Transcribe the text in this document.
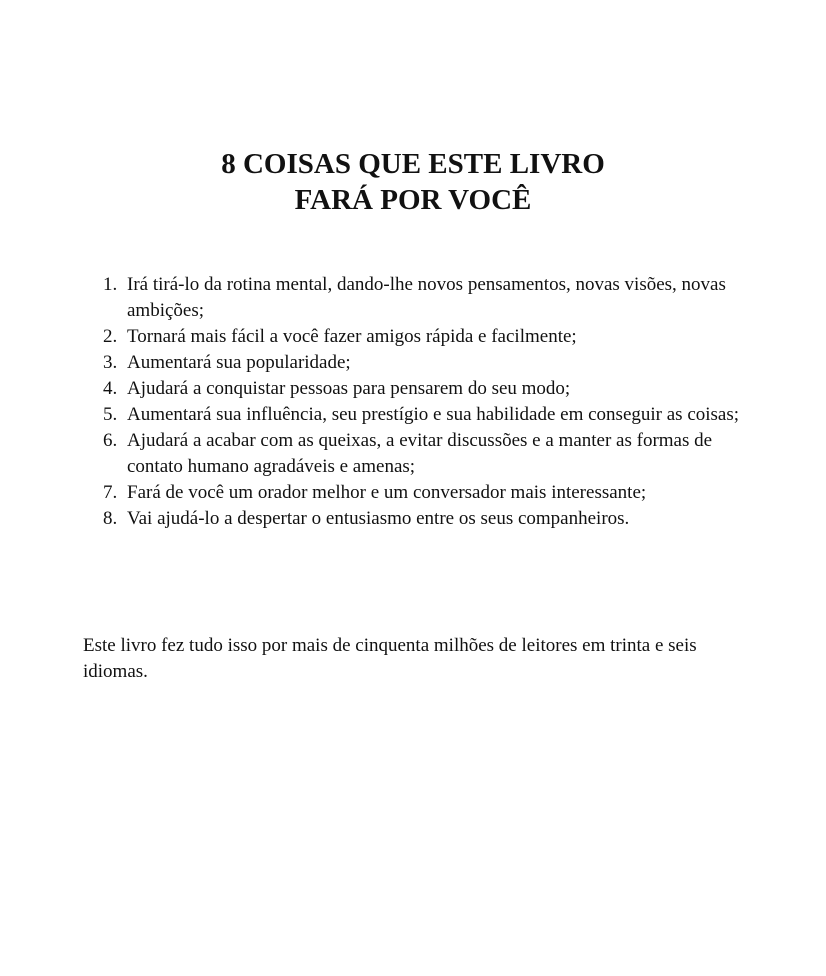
8 COISAS QUE ESTE LIVRO
FARÁ POR VOCÊ
1. Irá tirá-lo da rotina mental, dando-lhe novos pensamentos, novas visões, novas ambições;
2. Tornará mais fácil a você fazer amigos rápida e facilmente;
3. Aumentará sua popularidade;
4. Ajudará a conquistar pessoas para pensarem do seu modo;
5. Aumentará sua influência, seu prestígio e sua habilidade em conseguir as coisas;
6. Ajudará a acabar com as queixas, a evitar discussões e a manter as formas de contato humano agradáveis e amenas;
7. Fará de você um orador melhor e um conversador mais interessante;
8. Vai ajudá-lo a despertar o entusiasmo entre os seus companheiros.

Este livro fez tudo isso por mais de cinquenta milhões de leitores em trinta e seis idiomas.
